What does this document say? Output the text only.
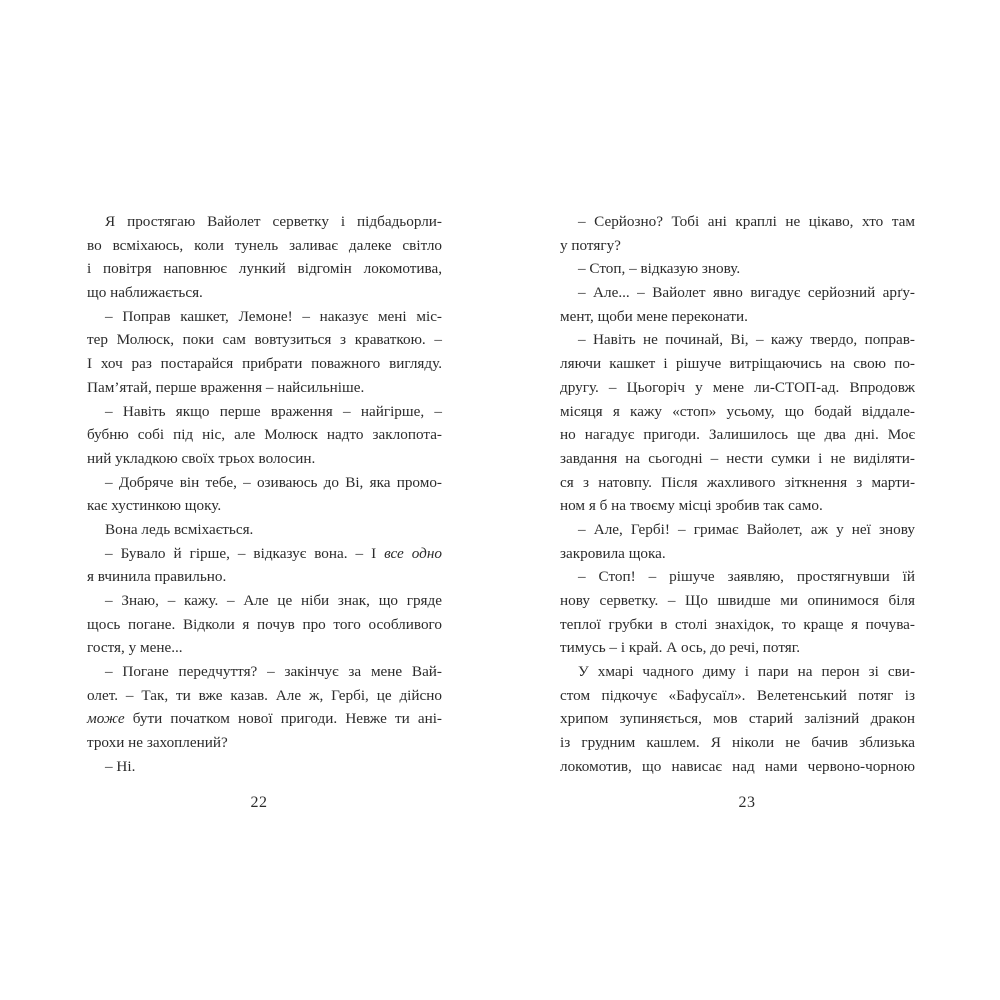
Я простягаю Вайолет серветку і підбадьорли-
во всміхаюсь, коли тунель заливає далеке світло
і повітря наповнює лункий відгомін локомотива,
що наближається.
– Поправ кашкет, Лемоне! – наказує мені міс-
тер Молюск, поки сам вовтузиться з краваткою. –
І хоч раз постарайся прибрати поважного вигляду.
Пам’ятай, перше враження – найсильніше.
– Навіть якщо перше враження – найгірше, –
бубню собі під ніс, але Молюск надто заклопота-
ний укладкою своїх трьох волосин.
– Добряче він тебе, – озиваюсь до Ві, яка промо-
кає хустинкою щоку.
Вона ледь всміхається.
– Бувало й гірше, – відказує вона. – І все одно
я вчинила правильно.
– Знаю, – кажу. – Але це ніби знак, що гряде
щось погане. Відколи я почув про того особливого
гостя, у мене...
– Погане передчуття? – закінчує за мене Вай-
олет. – Так, ти вже казав. Але ж, Гербі, це дійсно
може бути початком нової пригоди. Невже ти ані-
трохи не захоплений?
– Ні.
22
– Серйозно? Тобі ані краплі не цікаво, хто там
у потягу?
– Стоп, – відказую знову.
– Але... – Вайолет явно вигадує серйозний арґу-
мент, щоби мене переконати.
– Навіть не починай, Ві, – кажу твердо, поправ-
ляючи кашкет і рішуче витріщаючись на свою по-
другу. – Цьогоріч у мене ли-СТОП-ад. Впродовж
місяця я кажу «стоп» усьому, що бодай віддале-
но нагадує пригоди. Залишилось ще два дні. Моє
завдання на сьогодні – нести сумки і не виділяти-
ся з натовпу. Після жахливого зіткнення з марти-
ном я б на твоєму місці зробив так само.
– Але, Гербі! – гримає Вайолет, аж у неї знову
закровила щока.
– Стоп! – рішуче заявляю, простягнувши їй
нову серветку. – Що швидше ми опинимося біля
теплої грубки в столі знахідок, то краще я почува-
тимусь – і край. А ось, до речі, потяг.
У хмарі чадного диму і пари на перон зі сви-
стом підкочує «Бафусаїл». Велетенський потяг із
хрипом зупиняється, мов старий залізний дракон
із грудним кашлем. Я ніколи не бачив зблизька
локомотив, що нависає над нами червоно-чорною
23
